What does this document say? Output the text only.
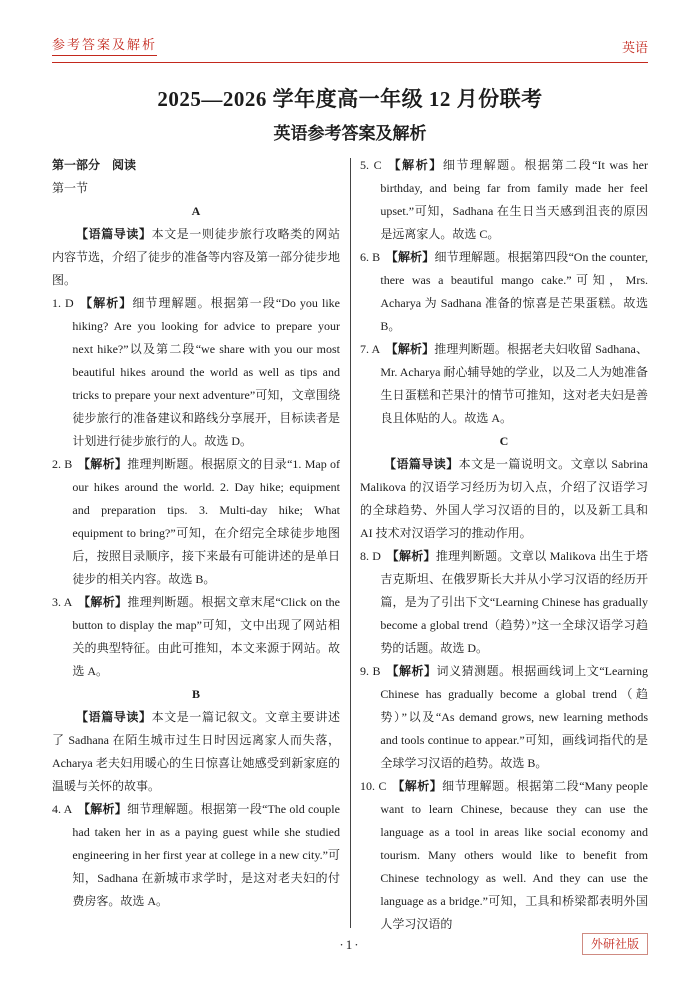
参考答案及解析	英语
2025—2026 学年度高一年级 12 月份联考
英语参考答案及解析

第一部分　阅读

第一节

A

【语篇导读】本文是一则徒步旅行攻略类的网站内容节选，介绍了徒步的准备等内容及第一部分徒步地图。

1. D 【解析】细节理解题。根据第一段“Do you like hiking? Are you looking for advice to prepare your next hike?”以及第二段“we share with you our most beautiful hikes around the world as well as tips and tricks to prepare your next adventure”可知，文章围绕徒步旅行的准备建议和路线分享展开，目标读者是计划进行徒步旅行的人。故选 D。

2. B 【解析】推理判断题。根据原文的目录“1. Map of our hikes around the world. 2. Day hike; equipment and preparation tips. 3. Multi-day hike; What equipment to bring?”可知，在介绍完全球徒步地图后，按照目录顺序，接下来最有可能讲述的是单日徒步的相关内容。故选 B。

3. A 【解析】推理判断题。根据文章末尾“Click on the button to display the map”可知，文中出现了网站相关的典型特征。由此可推知，本文来源于网站。故选 A。

B

【语篇导读】本文是一篇记叙文。文章主要讲述了 Sadhana 在陌生城市过生日时因远离家人而失落，Acharya 老夫妇用暖心的生日惊喜让她感受到新家庭的温暖与关怀的故事。

4. A 【解析】细节理解题。根据第一段“The old couple had taken her in as a paying guest while she studied engineering in her first year at college in a new city.”可知，Sadhana 在新城市求学时，是这对老夫妇的付费房客。故选 A。

5. C 【解析】细节理解题。根据第二段“It was her birthday, and being far from family made her feel upset.”可知，Sadhana 在生日当天感到沮丧的原因是远离家人。故选 C。

6. B 【解析】细节理解题。根据第四段“On the counter, there was a beautiful mango cake.”可知，Mrs. Acharya 为 Sadhana 准备的惊喜是芒果蛋糕。故选 B。

7. A 【解析】推理判断题。根据老夫妇收留 Sadhana、Mr. Acharya 耐心辅导她的学业，以及二人为她准备生日蛋糕和芒果汁的情节可推知，这对老夫妇是善良且体贴的人。故选 A。

C

【语篇导读】本文是一篇说明文。文章以 Sabrina Malikova 的汉语学习经历为切入点，介绍了汉语学习的全球趋势、外国人学习汉语的目的，以及新工具和 AI 技术对汉语学习的推动作用。

8. D 【解析】推理判断题。文章以 Malikova 出生于塔吉克斯坦、在俄罗斯长大并从小学习汉语的经历开篇，是为了引出下文“Learning Chinese has gradually become a global trend（趋势）”这一全球汉语学习趋势的话题。故选 D。

9. B 【解析】词义猜测题。根据画线词上文“Learning Chinese has gradually become a global trend（趋势）”以及“As demand grows, new learning methods and tools continue to appear.”可知，画线词指代的是全球学习汉语的趋势。故选 B。

10. C 【解析】细节理解题。根据第二段“Many people want to learn Chinese, because they can use the language as a tool in areas like social economy and tourism. Many others would like to benefit from Chinese technology as well. And they can use the language as a bridge.”可知，工具和桥梁都表明外国人学习汉语的

·1·	外研社版
